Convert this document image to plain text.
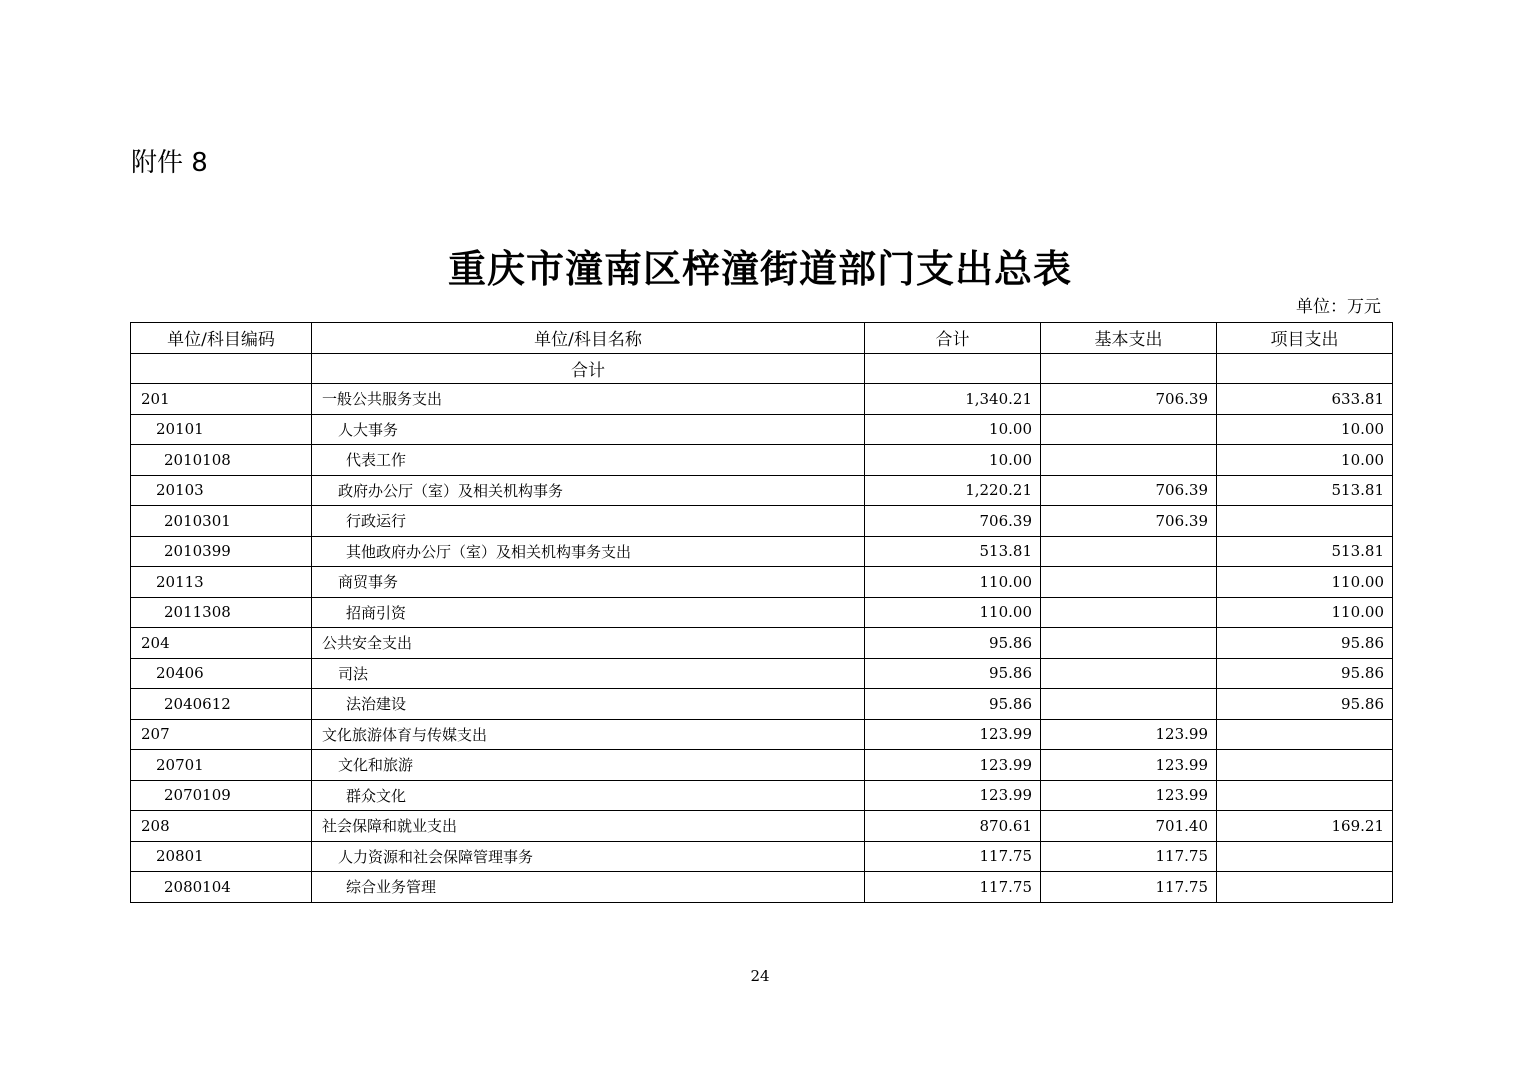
附件 8
重庆市潼南区梓潼街道部门支出总表
单位：万元
单位/科目编码	单位/科目名称	合计	基本支出	项目支出
	合计			
201	一般公共服务支出	1,340.21	706.39	633.81
20101	人大事务	10.00		10.00
2010108	代表工作	10.00		10.00
20103	政府办公厅（室）及相关机构事务	1,220.21	706.39	513.81
2010301	行政运行	706.39	706.39	
2010399	其他政府办公厅（室）及相关机构事务支出	513.81		513.81
20113	商贸事务	110.00		110.00
2011308	招商引资	110.00		110.00
204	公共安全支出	95.86		95.86
20406	司法	95.86		95.86
2040612	法治建设	95.86		95.86
207	文化旅游体育与传媒支出	123.99	123.99	
20701	文化和旅游	123.99	123.99	
2070109	群众文化	123.99	123.99	
208	社会保障和就业支出	870.61	701.40	169.21
20801	人力资源和社会保障管理事务	117.75	117.75	
2080104	综合业务管理	117.75	117.75	
24
